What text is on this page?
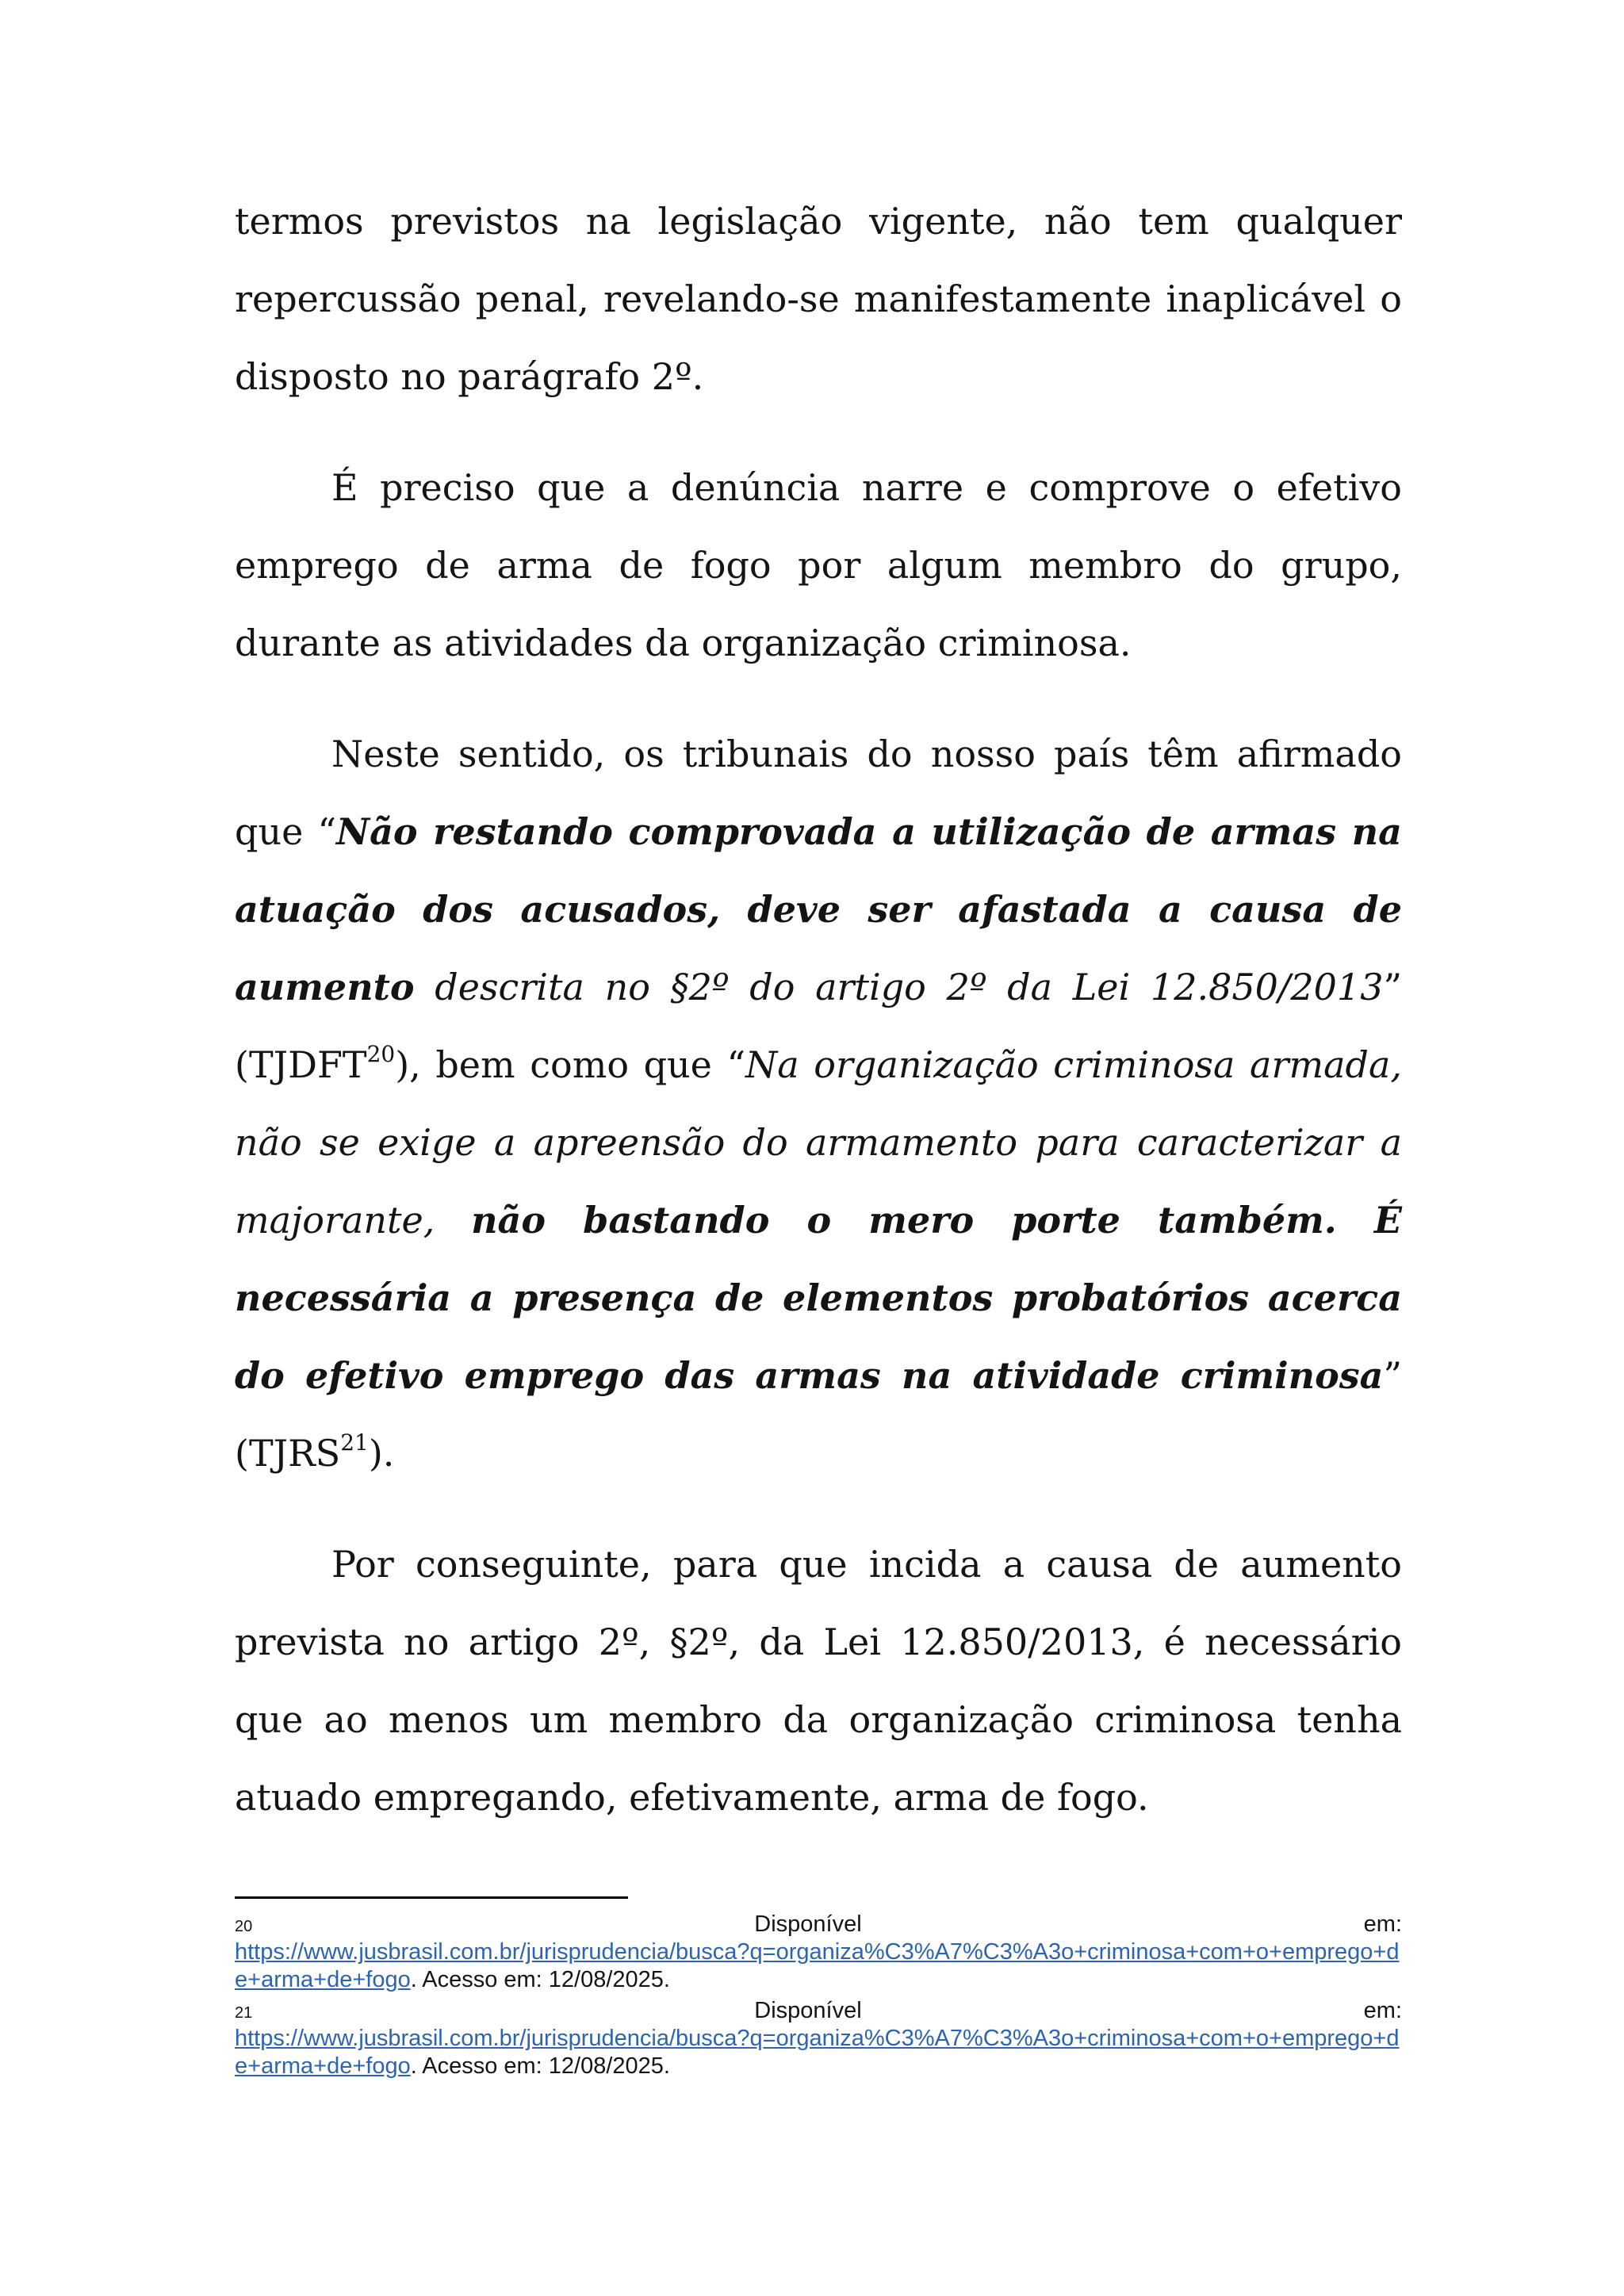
termos previstos na legislação vigente, não tem qualquer repercussão penal, revelando-se manifestamente inaplicável o disposto no parágrafo 2º.

É preciso que a denúncia narre e comprove o efetivo emprego de arma de fogo por algum membro do grupo, durante as atividades da organização criminosa.

Neste sentido, os tribunais do nosso país têm afirmado que “Não restando comprovada a utilização de armas na atuação dos acusados, deve ser afastada a causa de aumento descrita no §2º do artigo 2º da Lei 12.850/2013” (TJDFT$^{20}$), bem como que “Na organização criminosa armada, não se exige a apreensão do armamento para caracterizar a majorante, não bastando o mero porte também. É necessária a presença de elementos probatórios acerca do efetivo emprego das armas na atividade criminosa” (TJRS$^{21}$).

Por conseguinte, para que incida a causa de aumento prevista no artigo 2º, §2º, da Lei 12.850/2013, é necessário que ao menos um membro da organização criminosa tenha atuado empregando, efetivamente, arma de fogo.

20	Disponível	em:
https://www.jusbrasil.com.br/jurisprudencia/busca?q=organiza%C3%A7%C3%A3o+criminosa+com+o+emprego+de+arma+de+fogo. Acesso em: 12/08/2025.
21	Disponível	em:
https://www.jusbrasil.com.br/jurisprudencia/busca?q=organiza%C3%A7%C3%A3o+criminosa+com+o+emprego+de+arma+de+fogo. Acesso em: 12/08/2025.
